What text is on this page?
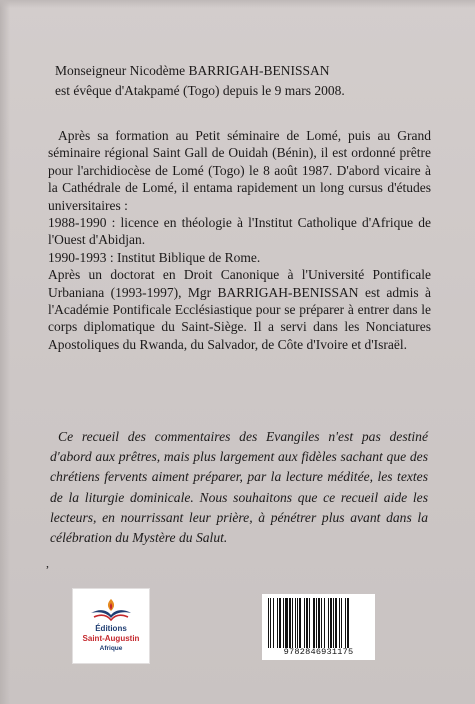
Monseigneur Nicodème BARRIGAH-BENISSAN
est évêque d'Atakpamé (Togo) depuis le 9 mars 2008.

Après sa formation au Petit séminaire de Lomé, puis au Grand séminaire régional Saint Gall de Ouidah (Bénin), il est ordonné prêtre pour l'archidiocèse de Lomé (Togo) le 8 août 1987. D'abord vicaire à la Cathédrale de Lomé, il entama rapidement un long cursus d'études universitaires :

1988-1990 : licence en théologie à l'Institut Catholique d'Afrique de l'Ouest d'Abidjan.

1990-1993 : Institut Biblique de Rome.

Après un doctorat en Droit Canonique à l'Université Pontificale Urbaniana (1993-1997), Mgr BARRIGAH-BENISSAN est admis à l'Académie Pontificale Ecclésiastique pour se préparer à entrer dans le corps diplomatique du Saint-Siège. Il a servi dans les Nonciatures Apostoliques du Rwanda, du Salvador, de Côte d'Ivoire et d'Israël.

Ce recueil des commentaires des Evangiles n'est pas destiné d'abord aux prêtres, mais plus largement aux fidèles sachant que des chrétiens fervents aiment préparer, par la lecture méditée, les textes de la liturgie dominicale. Nous souhaitons que ce recueil aide les lecteurs, en nourrissant leur prière, à pénétrer plus avant dans la célébration du Mystère du Salut.

,
Éditions
Saint-Augustin
Afrique	9782846931175
